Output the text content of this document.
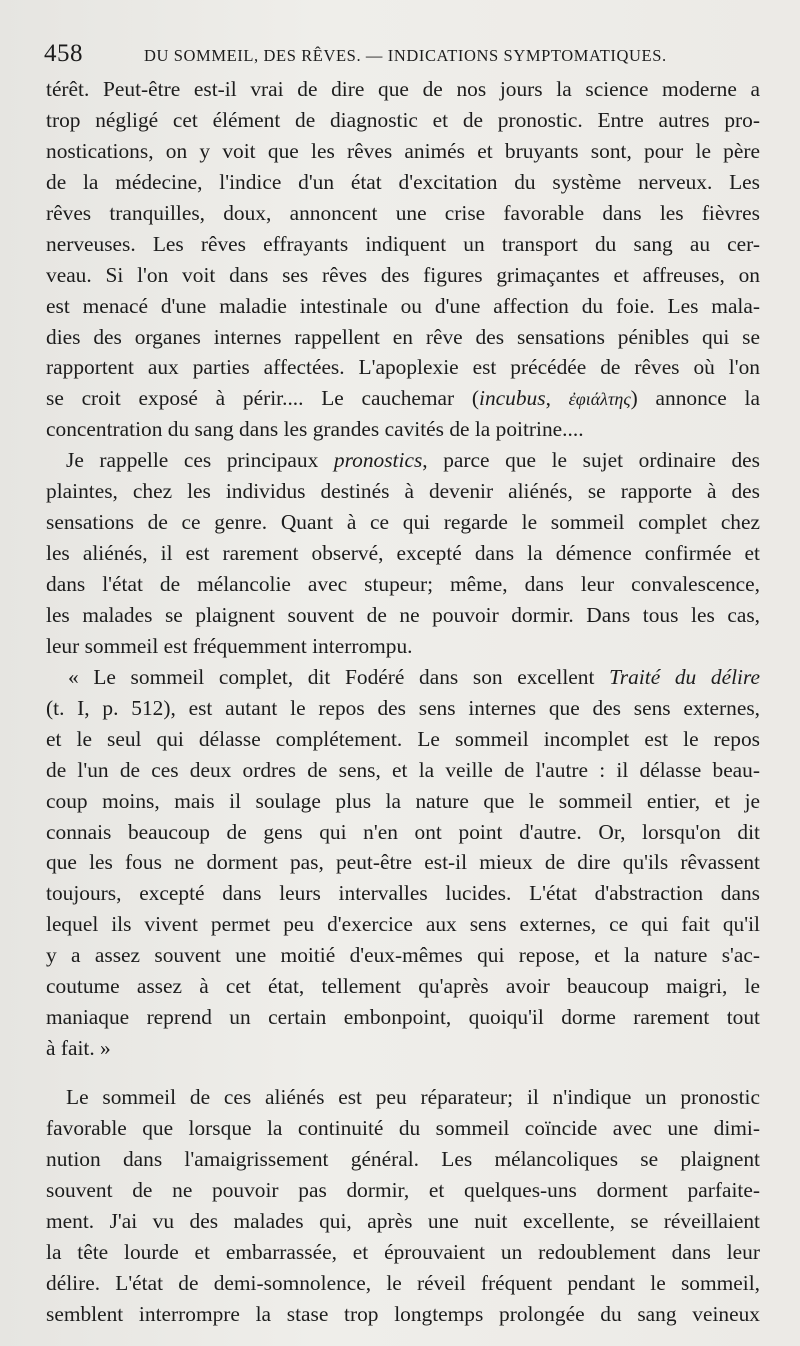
458	DU SOMMEIL, DES RÊVES. — INDICATIONS SYMPTOMATIQUES.
térêt. Peut-être est-il vrai de dire que de nos jours la science moderne a
trop négligé cet élément de diagnostic et de pronostic. Entre autres pro-
nostications, on y voit que les rêves animés et bruyants sont, pour le père
de la médecine, l'indice d'un état d'excitation du système nerveux. Les
rêves tranquilles, doux, annoncent une crise favorable dans les fièvres
nerveuses. Les rêves effrayants indiquent un transport du sang au cer-
veau. Si l'on voit dans ses rêves des figures grimaçantes et affreuses, on
est menacé d'une maladie intestinale ou d'une affection du foie. Les mala-
dies des organes internes rappellent en rêve des sensations pénibles qui se
rapportent aux parties affectées. L'apoplexie est précédée de rêves où l'on
se croit exposé à périr.... Le cauchemar (incubus, ἐφιάλτης) annonce la
concentration du sang dans les grandes cavités de la poitrine....
Je rappelle ces principaux pronostics, parce que le sujet ordinaire des
plaintes, chez les individus destinés à devenir aliénés, se rapporte à des
sensations de ce genre. Quant à ce qui regarde le sommeil complet chez
les aliénés, il est rarement observé, excepté dans la démence confirmée et
dans l'état de mélancolie avec stupeur; même, dans leur convalescence,
les malades se plaignent souvent de ne pouvoir dormir. Dans tous les cas,
leur sommeil est fréquemment interrompu.
« Le sommeil complet, dit Fodéré dans son excellent Traité du délire
(t. I, p. 512), est autant le repos des sens internes que des sens externes,
et le seul qui délasse complétement. Le sommeil incomplet est le repos
de l'un de ces deux ordres de sens, et la veille de l'autre : il délasse beau-
coup moins, mais il soulage plus la nature que le sommeil entier, et je
connais beaucoup de gens qui n'en ont point d'autre. Or, lorsqu'on dit
que les fous ne dorment pas, peut-être est-il mieux de dire qu'ils rêvassent
toujours, excepté dans leurs intervalles lucides. L'état d'abstraction dans
lequel ils vivent permet peu d'exercice aux sens externes, ce qui fait qu'il
y a assez souvent une moitié d'eux-mêmes qui repose, et la nature s'ac-
coutume assez à cet état, tellement qu'après avoir beaucoup maigri, le
maniaque reprend un certain embonpoint, quoiqu'il dorme rarement tout
à fait. »
Le sommeil de ces aliénés est peu réparateur; il n'indique un pronostic
favorable que lorsque la continuité du sommeil coïncide avec une dimi-
nution dans l'amaigrissement général. Les mélancoliques se plaignent
souvent de ne pouvoir pas dormir, et quelques-uns dorment parfaite-
ment. J'ai vu des malades qui, après une nuit excellente, se réveillaient
la tête lourde et embarrassée, et éprouvaient un redoublement dans leur
délire. L'état de demi-somnolence, le réveil fréquent pendant le sommeil,
semblent interrompre la stase trop longtemps prolongée du sang veineux
